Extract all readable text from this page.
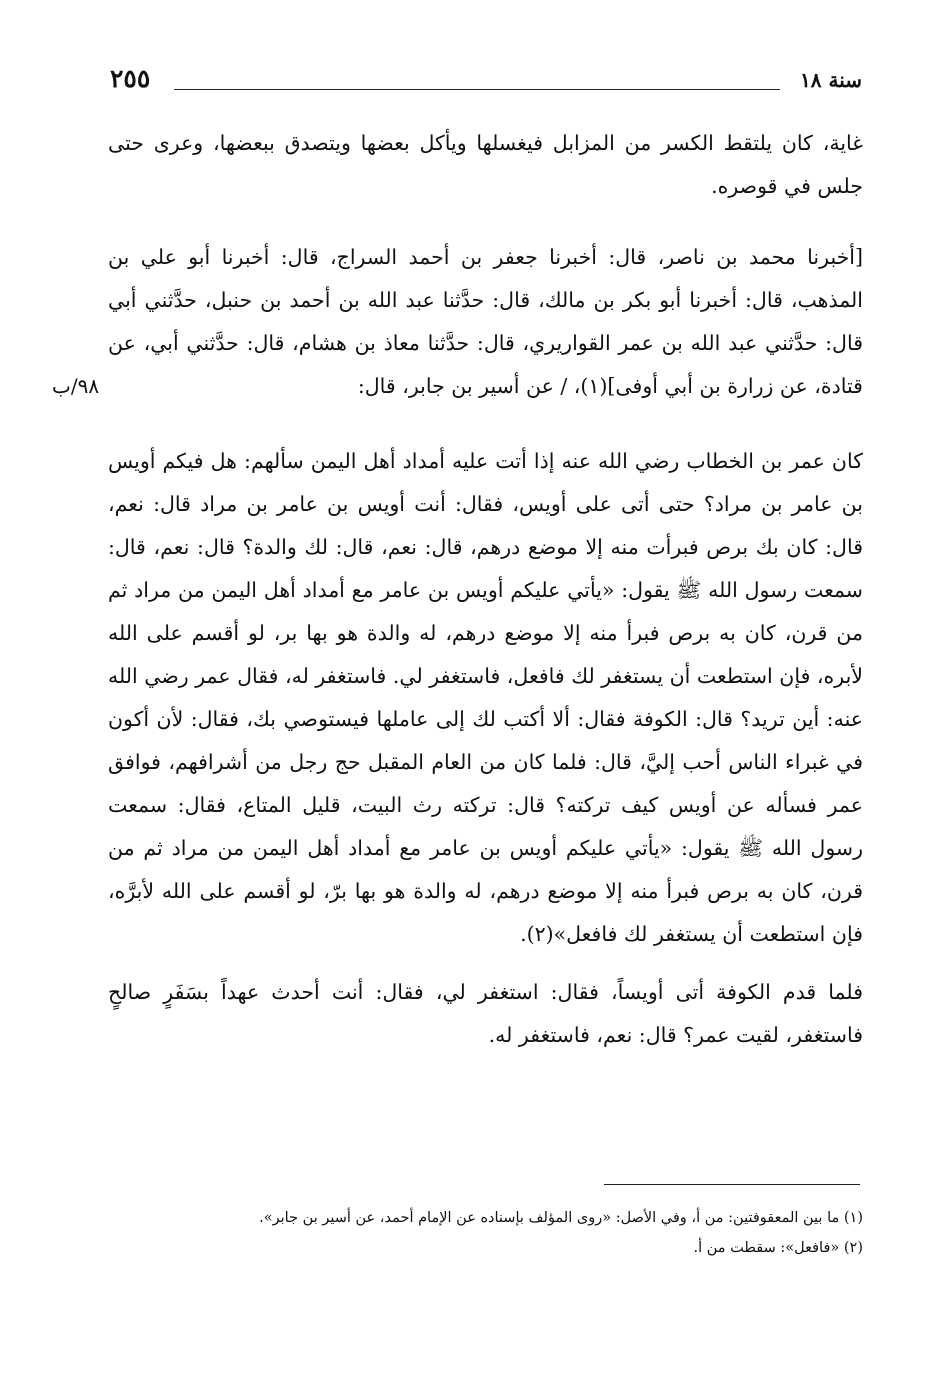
سنة ١٨
٢٥٥

غاية، كان يلتقط الكسر من المزابل فيغسلها ويأكل بعضها ويتصدق ببعضها، وعرى حتى جلس في قوصره.

[أخبرنا محمد بن ناصر، قال: أخبرنا جعفر بن أحمد السراج، قال: أخبرنا أبو علي بن المذهب، قال: أخبرنا أبو بكر بن مالك، قال: حدَّثنا عبد الله بن أحمد بن حنبل، حدَّثني أبي قال: حدَّثني عبد الله بن عمر القواريري، قال: حدَّثنا معاذ بن هشام، قال: حدَّثني أبي، عن قتادة، عن زرارة بن أبي أوفى](١)، / عن أسير بن جابر، قال:

كان عمر بن الخطاب رضي الله عنه إذا أتت عليه أمداد أهل اليمن سألهم: هل فيكم أويس بن عامر بن مراد؟ حتى أتى على أويس، فقال: أنت أويس بن عامر بن مراد قال: نعم، قال: كان بك برص فبرأت منه إلا موضع درهم، قال: نعم، قال: لك والدة؟ قال: نعم، قال: سمعت رسول الله ﷺ يقول: «يأتي عليكم أويس بن عامر مع أمداد أهل اليمن من مراد ثم من قرن، كان به برص فبرأ منه إلا موضع درهم، له والدة هو بها بر، لو أقسم على الله لأبره، فإن استطعت أن يستغفر لك فافعل، فاستغفر لي. فاستغفر له، فقال عمر رضي الله عنه: أين تريد؟ قال: الكوفة فقال: ألا أكتب لك إلى عاملها فيستوصي بك، فقال: لأن أكون في غبراء الناس أحب إليَّ، قال: فلما كان من العام المقبل حج رجل من أشرافهم، فوافق عمر فسأله عن أويس كيف تركته؟ قال: تركته رث البيت، قليل المتاع، فقال: سمعت رسول الله ﷺ يقول: «يأتي عليكم أويس بن عامر مع أمداد أهل اليمن من مراد ثم من قرن، كان به برص فبرأ منه إلا موضع درهم، له والدة هو بها برّ، لو أقسم على الله لأبرَّه، فإن استطعت أن يستغفر لك فافعل»(٢).

فلما قدم الكوفة أتى أويساً، فقال: استغفر لي، فقال: أنت أحدث عهداً بسَفَرٍ صالحٍ فاستغفر، لقيت عمر؟ قال: نعم، فاستغفر له.

٩٨/ب
(١) ما بين المعقوفتين: من أ، وفي الأصل: «روى المؤلف بإسناده عن الإمام أحمد، عن أسير بن جابر».
(٢) «فافعل»: سقطت من أ.
